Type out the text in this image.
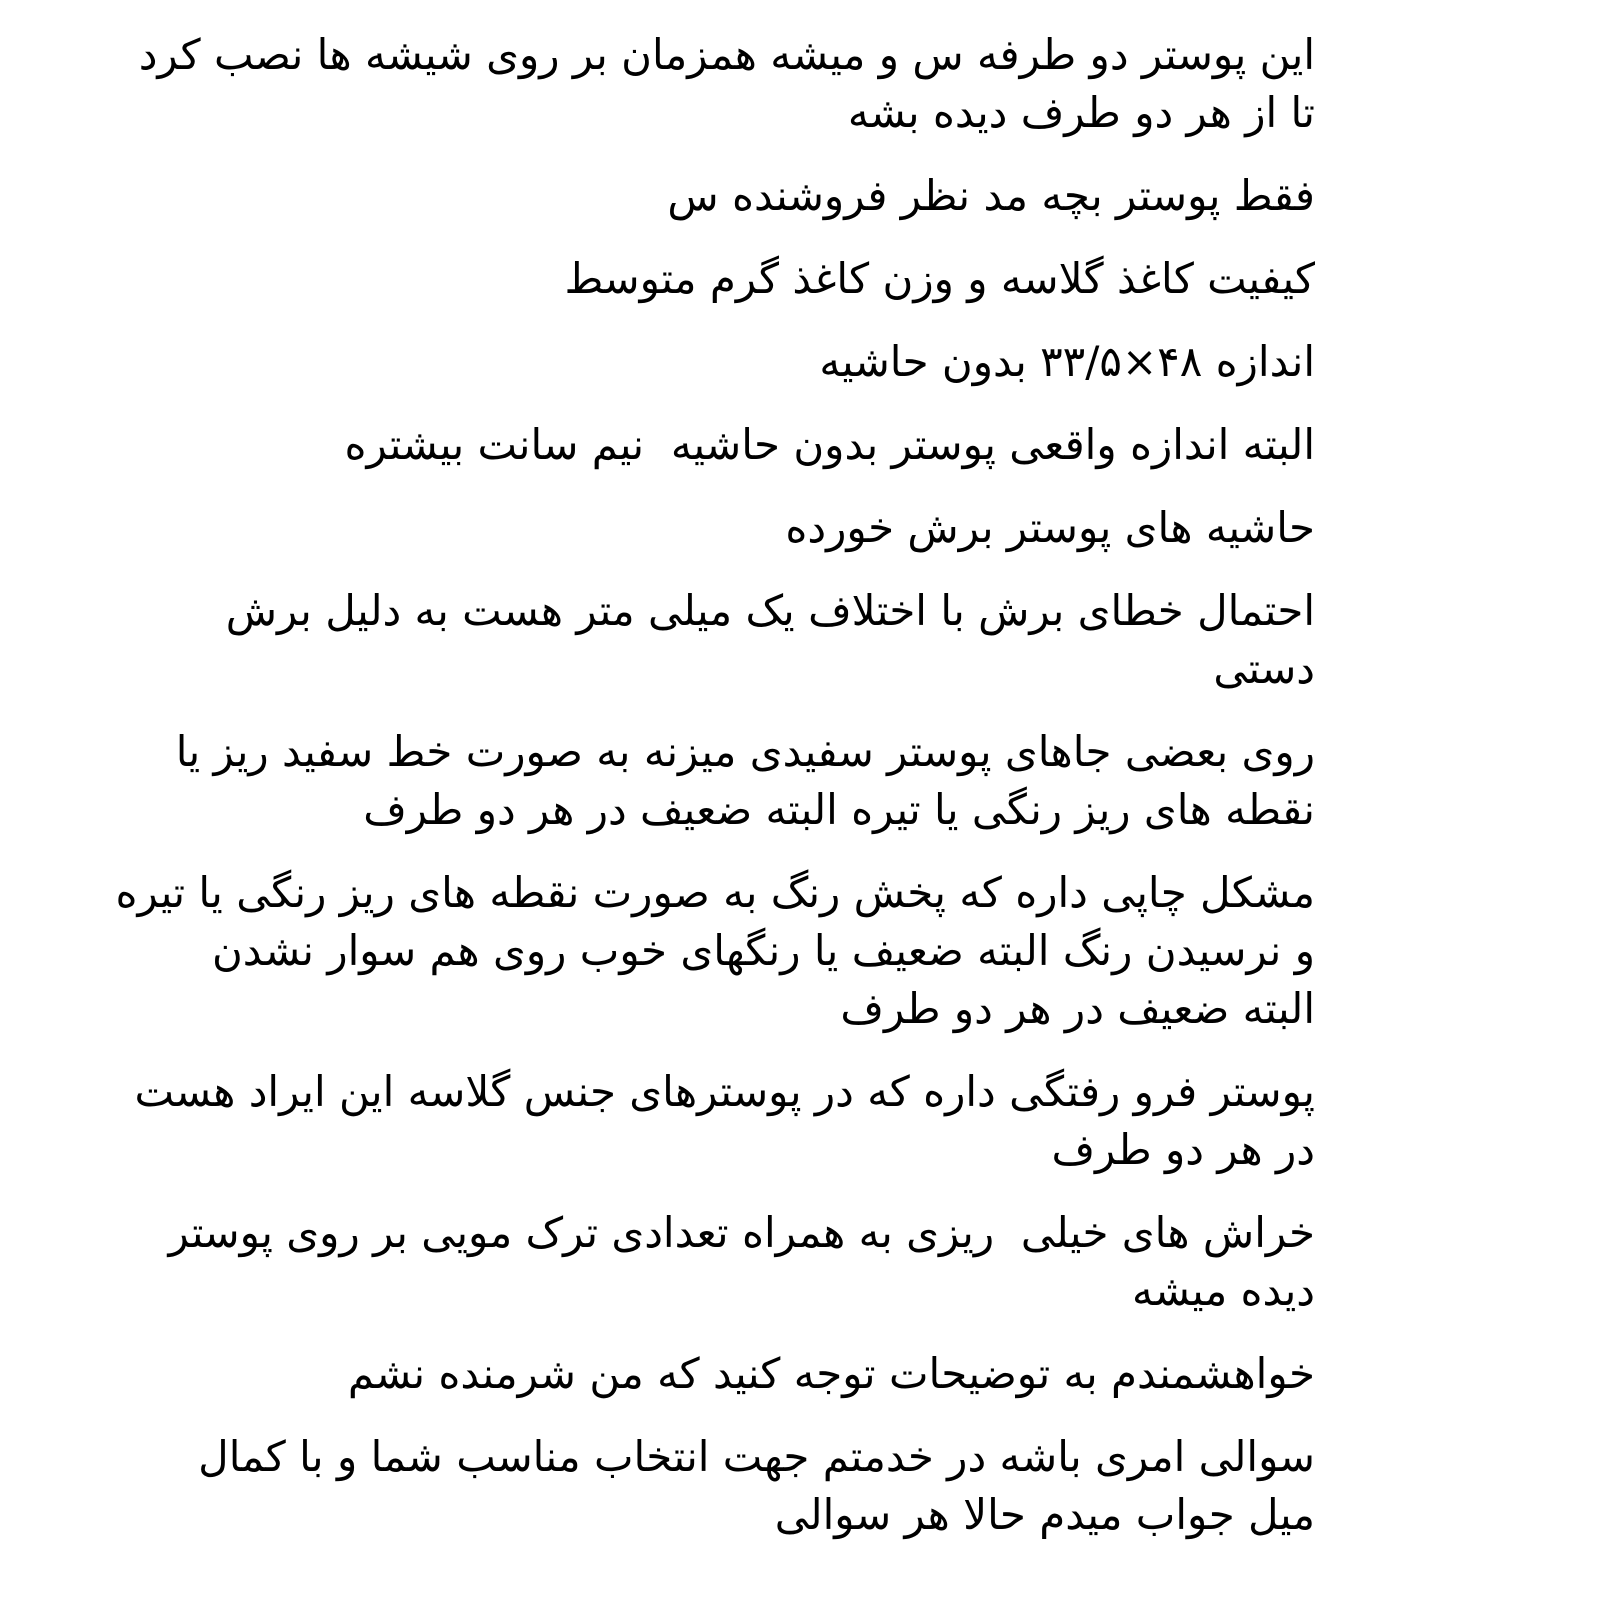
این پوستر دو طرفه س و میشه همزمان بر روی شیشه ها نصب کرد
تا از هر دو طرف دیده بشه
فقط پوستر بچه مد نظر فروشنده س
کیفیت کاغذ گلاسه و وزن کاغذ گرم متوسط
اندازه ۴۸×۳۳/۵ بدون حاشیه
البته اندازه واقعی پوستر بدون حاشیه  نیم سانت بیشتره
حاشیه های پوستر برش خورده
احتمال خطای برش با اختلاف یک میلی متر هست به دلیل برش
دستی
روی بعضی جاهای پوستر سفیدی میزنه به صورت خط سفید ریز یا
نقطه های ریز رنگی یا تیره البته ضعیف در هر دو طرف
مشکل چاپی داره که پخش رنگ به صورت نقطه های ریز رنگی یا تیره
و نرسیدن رنگ البته ضعیف یا رنگهای خوب روی هم سوار نشدن
البته ضعیف در هر دو طرف
پوستر فرو رفتگی داره که در پوسترهای جنس گلاسه این ایراد هست
در هر دو طرف
خراش های خیلی  ریزی به همراه تعدادی ترک مویی بر روی پوستر
دیده میشه
خواهشمندم به توضیحات توجه کنید که من شرمنده نشم
سوالی امری باشه در خدمتم جهت انتخاب مناسب شما و با کمال
میل جواب میدم حالا هر سوالی
